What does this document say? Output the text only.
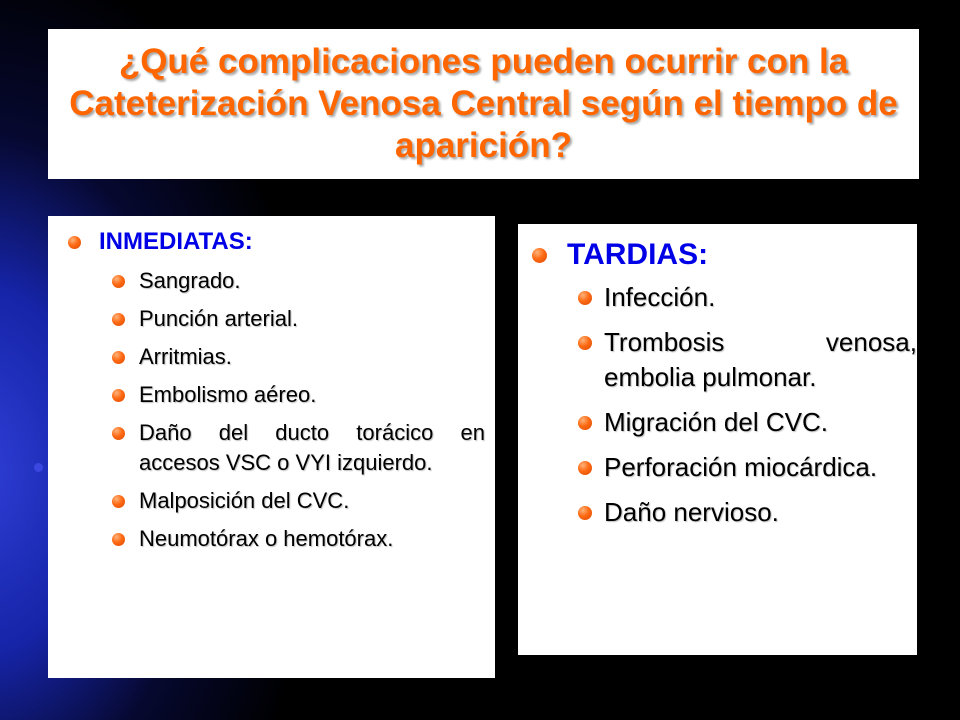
¿Qué complicaciones pueden ocurrir con la Cateterización Venosa Central según el tiempo de aparición?
INMEDIATAS:
Sangrado.
Punción arterial.
Arritmias.
Embolismo aéreo.
Daño del ducto torácico en accesos VSC o VYI izquierdo.
Malposición del CVC.
Neumotórax o hemotórax.
TARDIAS:
Infección.
Trombosis venosa, embolia pulmonar.
Migración del CVC.
Perforación miocárdica.
Daño nervioso.
